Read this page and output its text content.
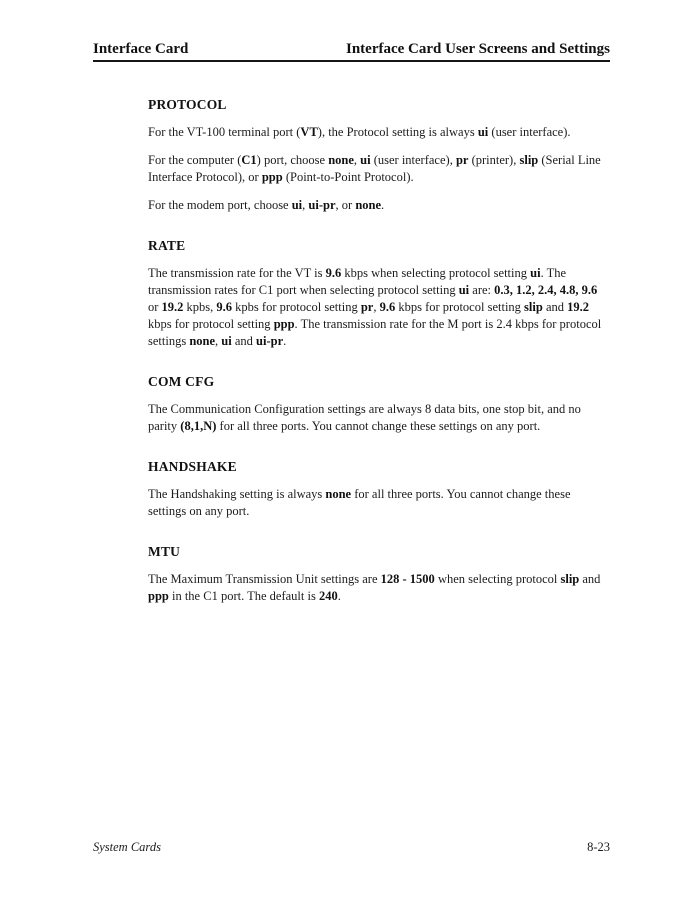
Interface Card	Interface Card User Screens and Settings
PROTOCOL

For the VT-100 terminal port (VT), the Protocol setting is always ui (user interface).

For the computer (C1) port, choose none, ui (user interface), pr (printer), slip (Serial Line Interface Protocol), or ppp (Point-to-Point Protocol).

For the modem port, choose ui, ui-pr, or none.

RATE

The transmission rate for the VT is 9.6 kbps when selecting protocol setting ui. The transmission rates for C1 port when selecting protocol setting ui are: 0.3, 1.2, 2.4, 4.8, 9.6 or 19.2 kpbs, 9.6 kpbs for protocol setting pr, 9.6 kbps for protocol setting slip and 19.2 kbps for protocol setting ppp. The transmission rate for the M port is 2.4 kbps for protocol settings none, ui and ui-pr.

COM CFG

The Communication Configuration settings are always 8 data bits, one stop bit, and no parity (8,1,N) for all three ports. You cannot change these settings on any port.

HANDSHAKE

The Handshaking setting is always none for all three ports. You cannot change these settings on any port.

MTU

The Maximum Transmission Unit settings are 128 - 1500 when selecting protocol slip and ppp in the C1 port. The default is 240.

System Cards	8-23
